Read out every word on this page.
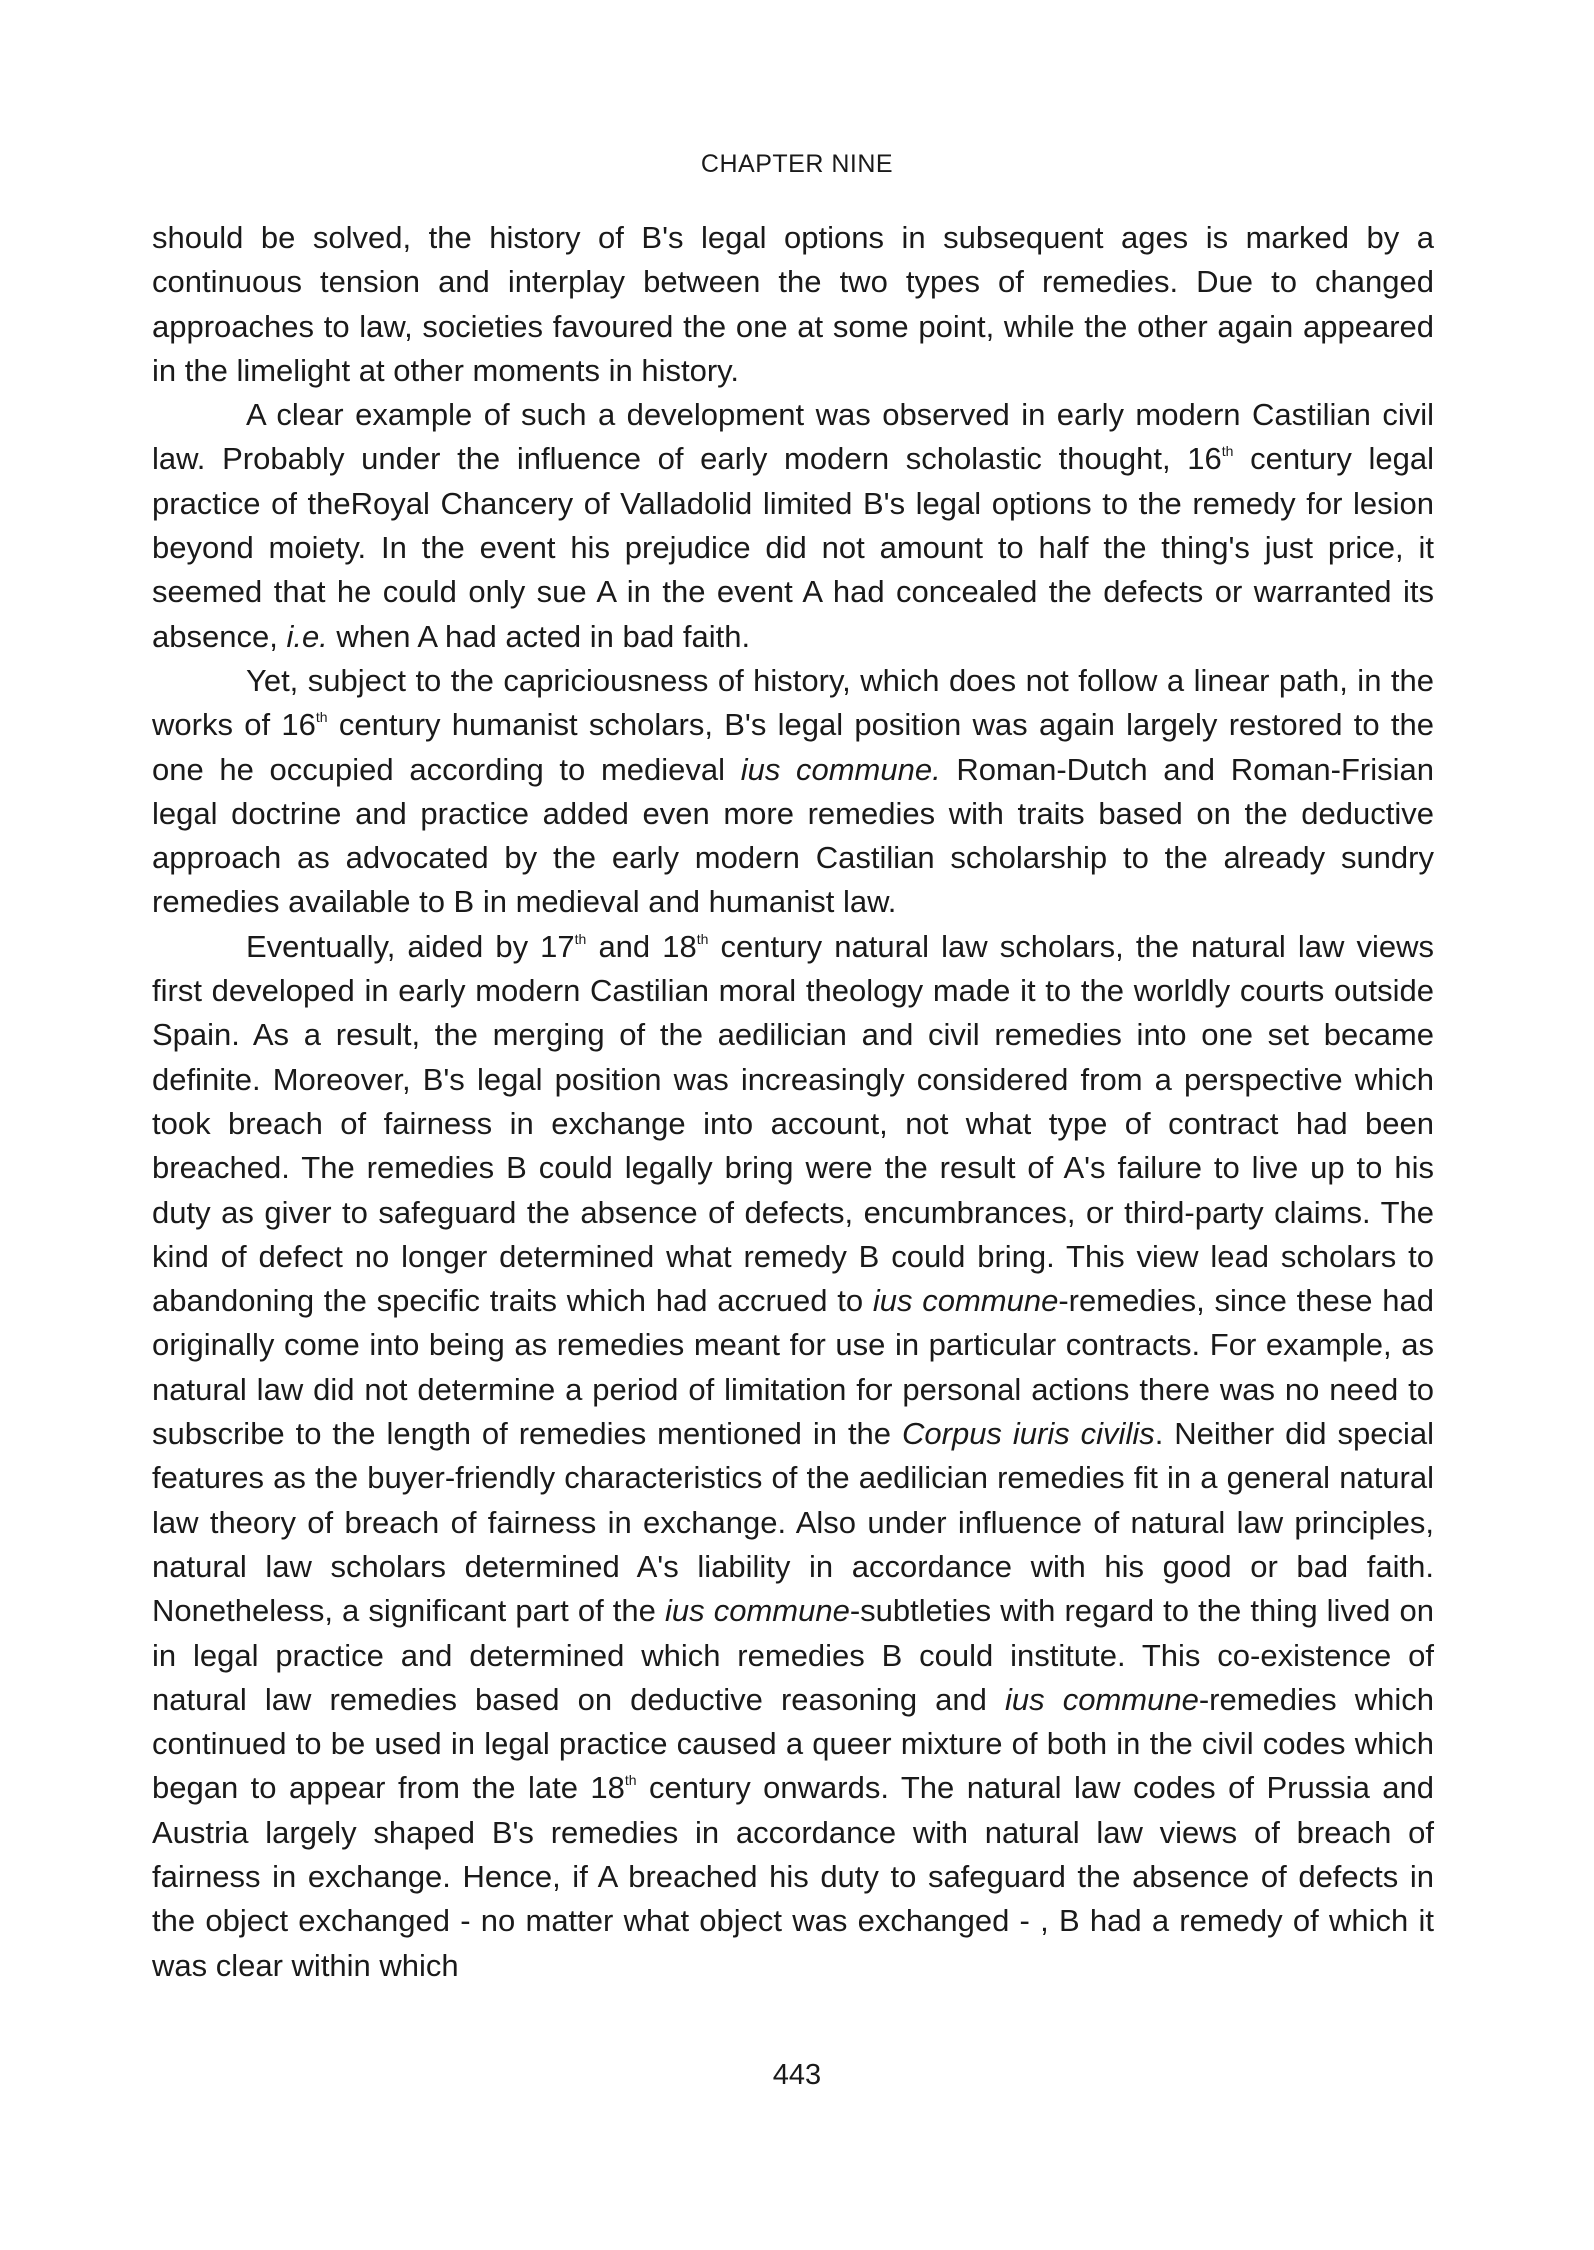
CHAPTER NINE

should be solved, the history of B's legal options in subsequent ages is marked by a continuous tension and interplay between the two types of remedies. Due to changed approaches to law, societies favoured the one at some point, while the other again appeared in the limelight at other moments in history.

A clear example of such a development was observed in early modern Castilian civil law. Probably under the influence of early modern scholastic thought, 16th century legal practice of theRoyal Chancery of Valladolid limited B's legal options to the remedy for lesion beyond moiety. In the event his prejudice did not amount to half the thing's just price, it seemed that he could only sue A in the event A had concealed the defects or warranted its absence, i.e. when A had acted in bad faith.

Yet, subject to the capriciousness of history, which does not follow a linear path, in the works of 16th century humanist scholars, B's legal position was again largely restored to the one he occupied according to medieval ius commune. Roman-Dutch and Roman-Frisian legal doctrine and practice added even more remedies with traits based on the deductive approach as advocated by the early modern Castilian scholarship to the already sundry remedies available to B in medieval and humanist law.

Eventually, aided by 17th and 18th century natural law scholars, the natural law views first developed in early modern Castilian moral theology made it to the worldly courts outside Spain. As a result, the merging of the aedilician and civil remedies into one set became definite. Moreover, B's legal position was increasingly considered from a perspective which took breach of fairness in exchange into account, not what type of contract had been breached. The remedies B could legally bring were the result of A's failure to live up to his duty as giver to safeguard the absence of defects, encumbrances, or third-party claims. The kind of defect no longer determined what remedy B could bring. This view lead scholars to abandoning the specific traits which had accrued to ius commune-remedies, since these had originally come into being as remedies meant for use in particular contracts. For example, as natural law did not determine a period of limitation for personal actions there was no need to subscribe to the length of remedies mentioned in the Corpus iuris civilis. Neither did special features as the buyer-friendly characteristics of the aedilician remedies fit in a general natural law theory of breach of fairness in exchange. Also under influence of natural law principles, natural law scholars determined A's liability in accordance with his good or bad faith. Nonetheless, a significant part of the ius commune-subtleties with regard to the thing lived on in legal practice and determined which remedies B could institute. This co-existence of natural law remedies based on deductive reasoning and ius commune-remedies which continued to be used in legal practice caused a queer mixture of both in the civil codes which began to appear from the late 18th century onwards. The natural law codes of Prussia and Austria largely shaped B's remedies in accordance with natural law views of breach of fairness in exchange. Hence, if A breached his duty to safeguard the absence of defects in the object exchanged - no matter what object was exchanged - , B had a remedy of which it was clear within which

443
